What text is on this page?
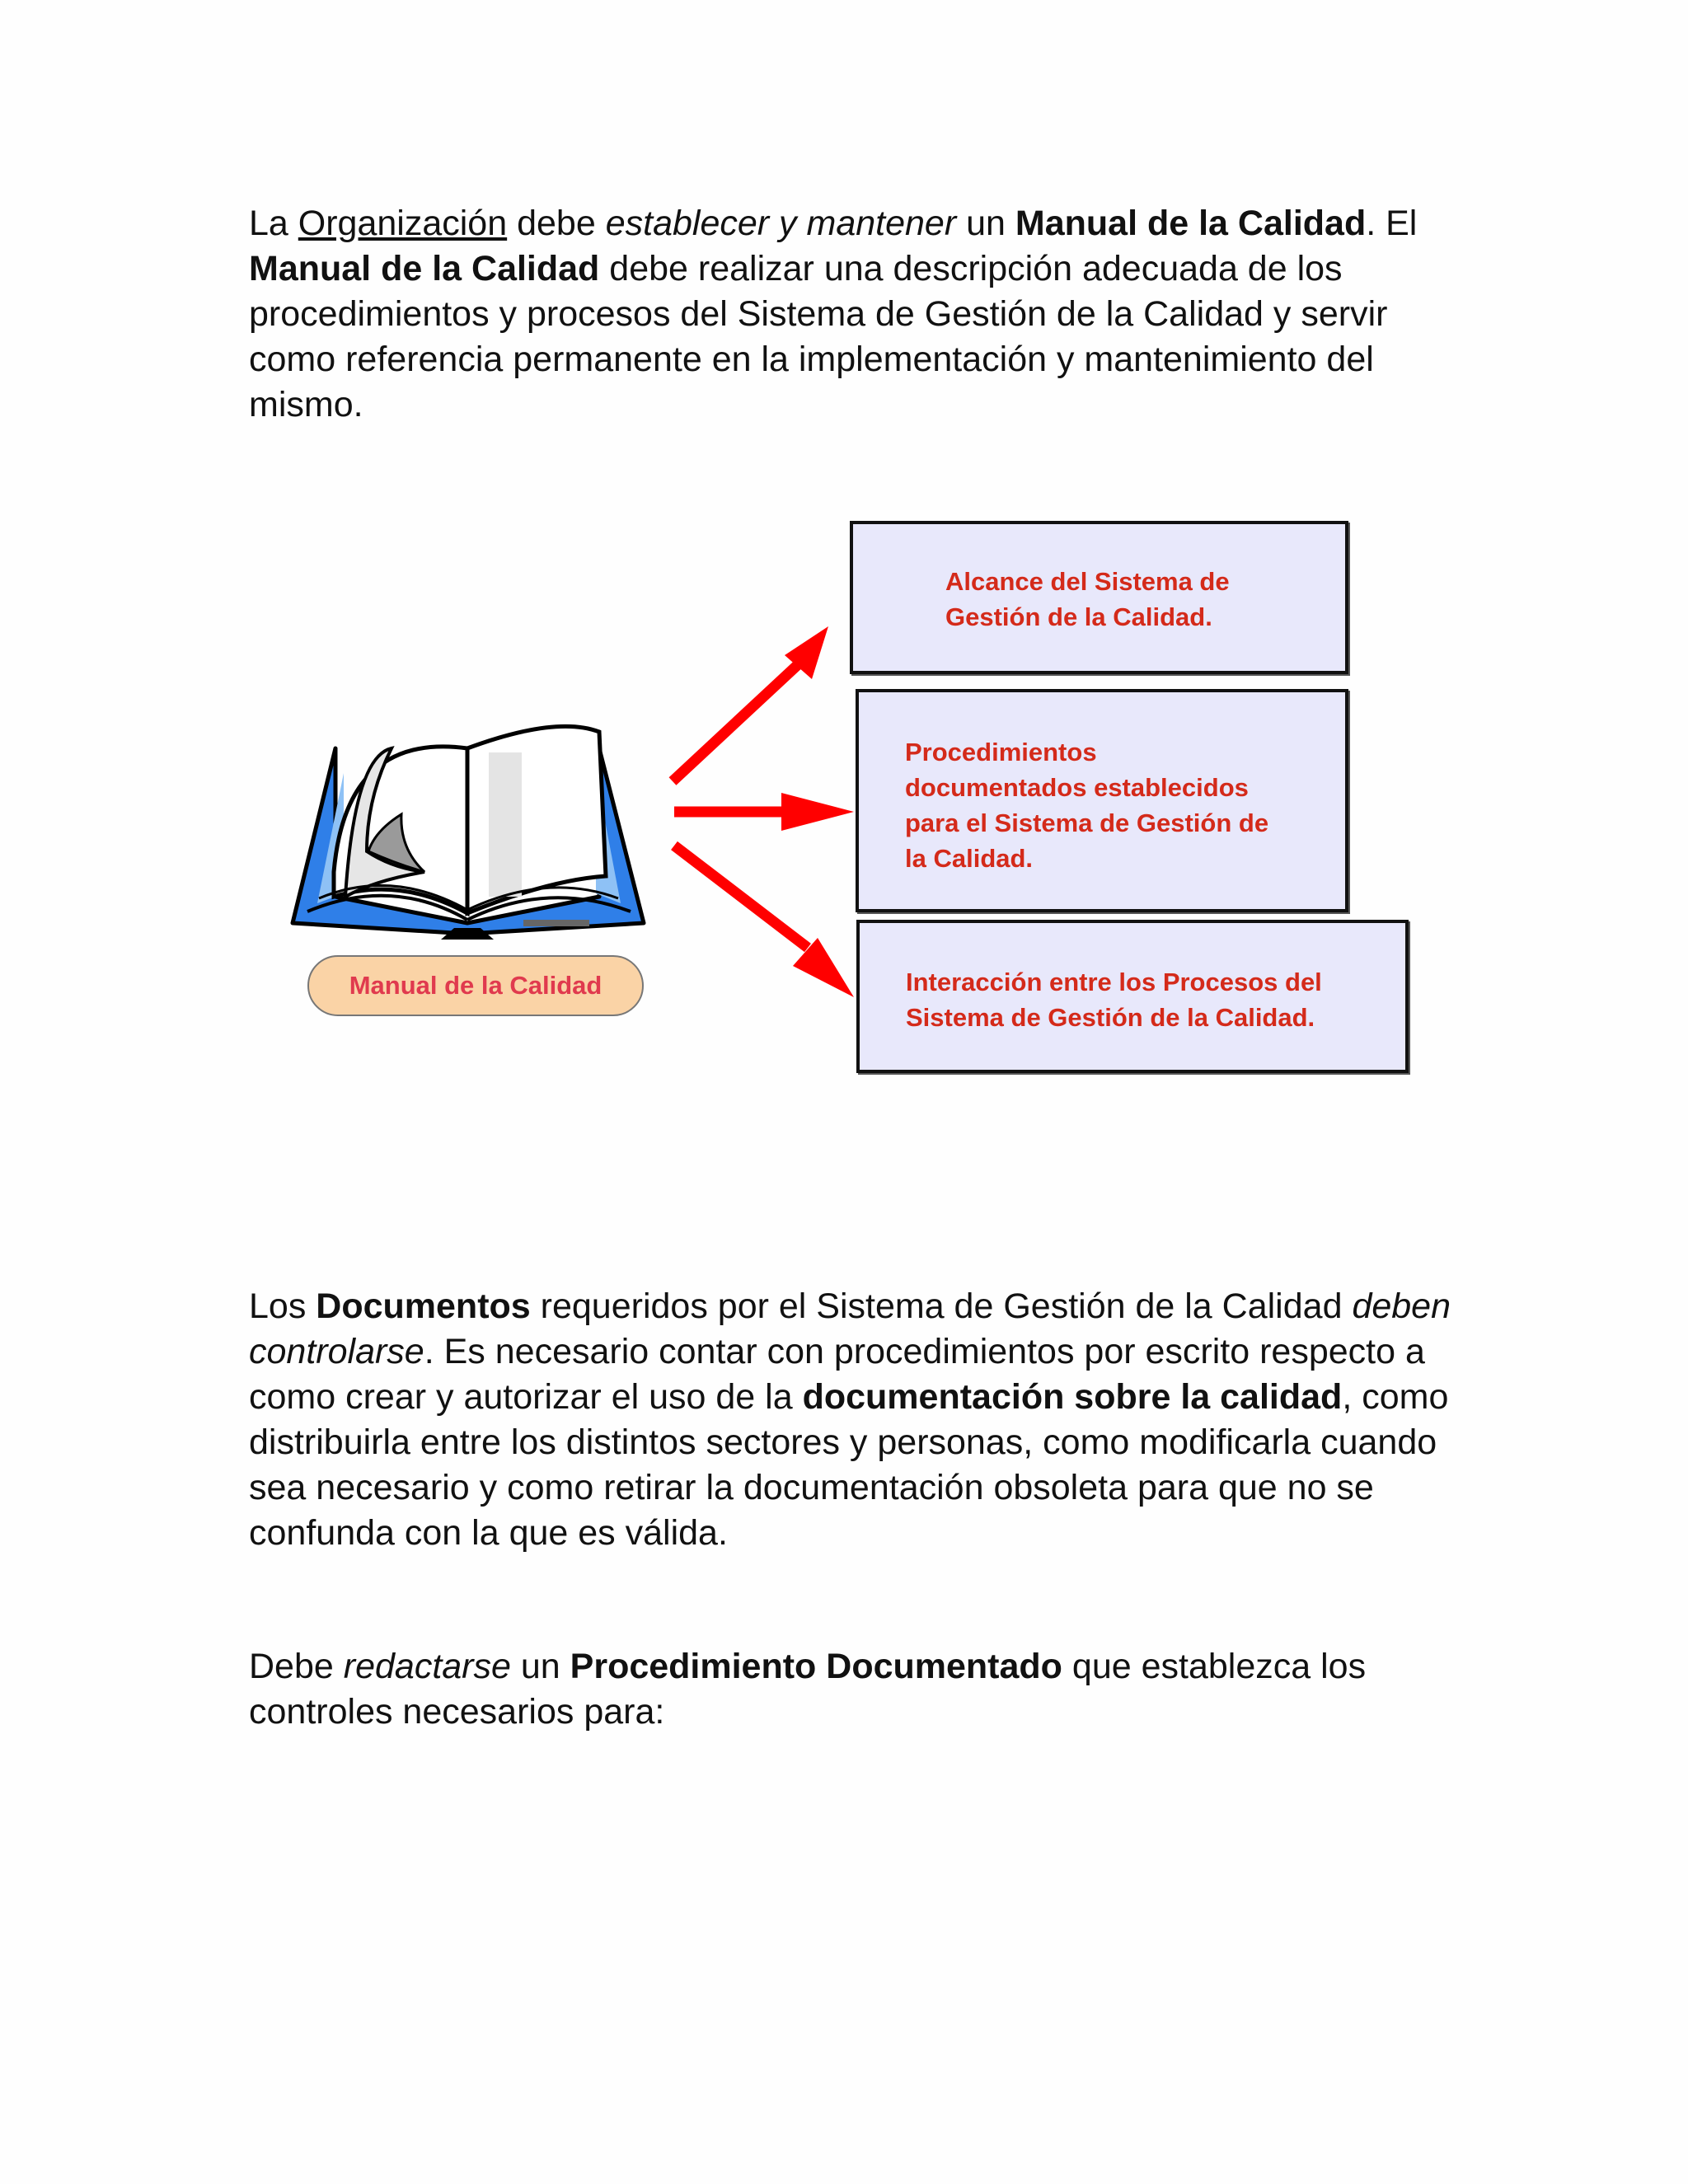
La Organización debe establecer y mantener un Manual de la Calidad. El Manual de la Calidad debe realizar una descripción adecuada de los procedimientos y procesos del Sistema de Gestión de la Calidad y servir como referencia permanente en la implementación y mantenimiento del mismo.

Alcance del Sistema de
Gestión de la Calidad.
Procedimientos
documentados establecidos
para el Sistema de Gestión de
la Calidad.
Interacción entre los Procesos del
Sistema de Gestión de la Calidad.
Manual de la Calidad

Los Documentos requeridos por el Sistema de Gestión de la Calidad deben controlarse. Es necesario contar con procedimientos por escrito respecto a como crear y autorizar el uso de la documentación sobre la calidad, como distribuirla entre los distintos sectores y personas, como modificarla cuando sea necesario y como retirar la documentación obsoleta para que no se confunda con la que es válida.

Debe redactarse un Procedimiento Documentado que establezca los controles necesarios para:
